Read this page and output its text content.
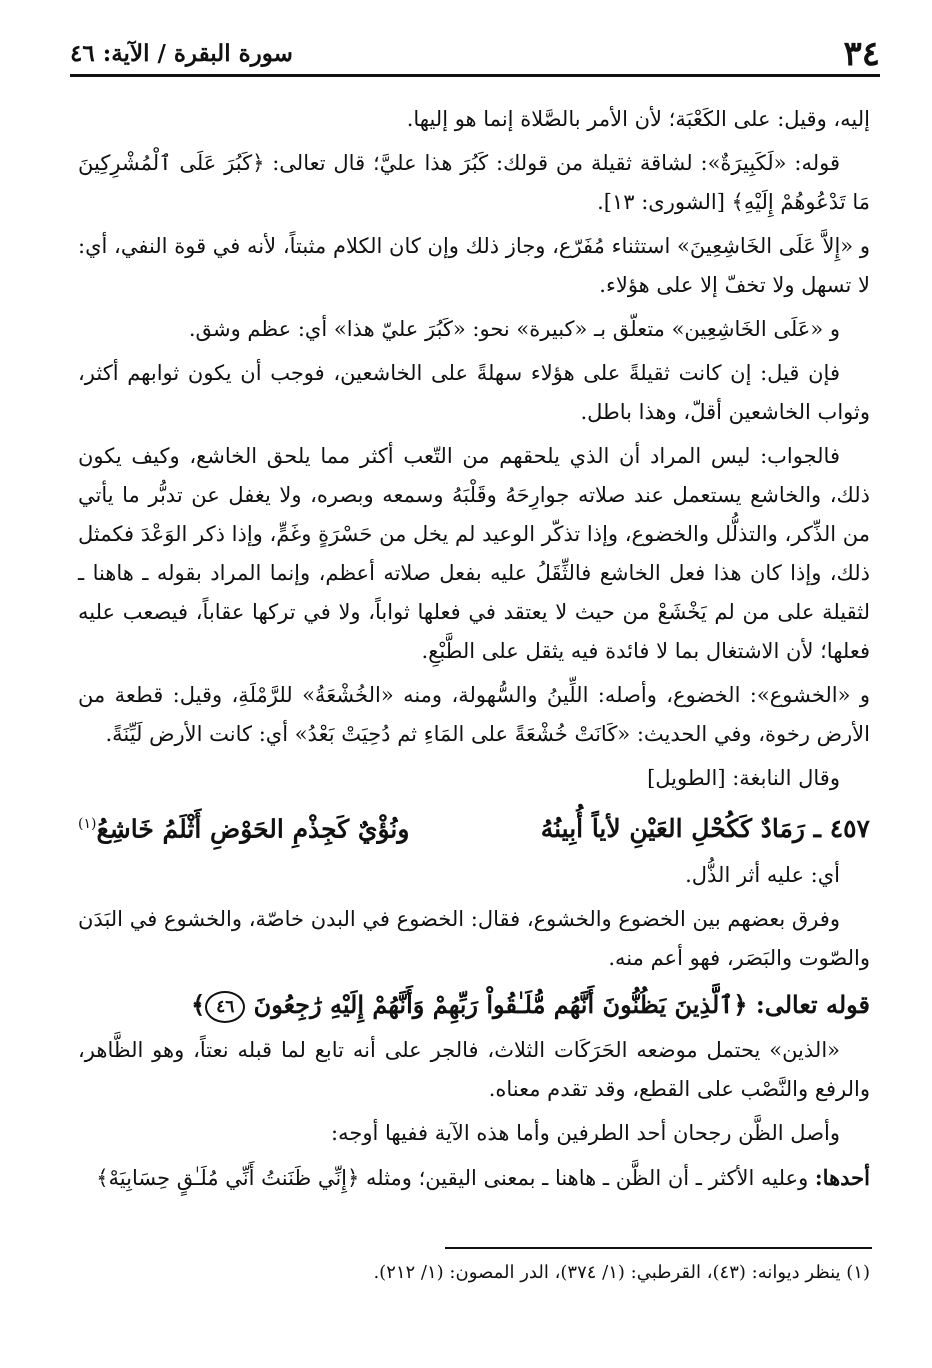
٣٤
سورة البقرة / الآية: ٤٦

إليه، وقيل: على الكَعْبَة؛ لأن الأمر بالصَّلاة إنما هو إليها.

قوله: «لَكَبِيرَةٌ»: لشاقة ثقيلة من قولك: كَبُرَ هذا عليَّ؛ قال تعالى: ﴿كَبُرَ عَلَى ٱلْمُشْرِكِينَ مَا تَدْعُوهُمْ إِلَيْهِ﴾ [الشورى: ١٣].

و «إِلاَّ عَلَى الخَاشِعِينَ» استثناء مُفَرّع، وجاز ذلك وإن كان الكلام مثبتاً، لأنه في قوة النفي، أي: لا تسهل ولا تخفّ إلا على هؤلاء.

و «عَلَى الخَاشِعِين» متعلّق بـ «كبيرة» نحو: «كَبُرَ عليّ هذا» أي: عظم وشق.

فإن قيل: إن كانت ثقيلةً على هؤلاء سهلةً على الخاشعين، فوجب أن يكون ثوابهم أكثر، وثواب الخاشعين أقلّ، وهذا باطل.

فالجواب: ليس المراد أن الذي يلحقهم من التّعب أكثر مما يلحق الخاشع، وكيف يكون ذلك، والخاشع يستعمل عند صلاته جوارِحَهُ وقَلْبَهُ وسمعه وبصره، ولا يغفل عن تدبُّر ما يأتي من الذِّكر، والتذلُّل والخضوع، وإذا تذكّر الوعيد لم يخل من حَسْرَةٍ وغَمٍّ، وإذا ذكر الوَعْدَ فكمثل ذلك، وإذا كان هذا فعل الخاشع فالثِّقَلُ عليه بفعل صلاته أعظم، وإنما المراد بقوله ـ هاهنا ـ لثقيلة على من لم يَخْشَعْ من حيث لا يعتقد في فعلها ثواباً، ولا في تركها عقاباً، فيصعب عليه فعلها؛ لأن الاشتغال بما لا فائدة فيه يثقل على الطَّبْعِ.

و «الخشوع»: الخضوع، وأصله: اللِّينُ والسُّهولة، ومنه «الخُشْعَةُ» للرَّمْلَةِ، وقيل: قطعة من الأرض رخوة، وفي الحديث: «كَانَتْ خُشْعَةً على المَاءِ ثم دُحِيَتْ بَعْدُ» أي: كانت الأرض لَيِّنَةً.

وقال النابغة: [الطويل]

٤٥٧ ـ رَمَادٌ كَكُحْلِ العَيْنِ لأياً أُبِينُهُ
ونُؤْيٌ كَجِذْمِ الحَوْضِ أَثْلَمُ خَاشِعُ$^{(١)}$

أي: عليه أثر الذُّل.

وفرق بعضهم بين الخضوع والخشوع، فقال: الخضوع في البدن خاصّة، والخشوع في البَدَن والصّوت والبَصَر، فهو أعم منه.

قوله تعالى: ﴿ٱلَّذِينَ يَظُنُّونَ أَنَّهُم مُّلَـٰقُواْ رَبِّهِمْ وَأَنَّهُمْ إِلَيْهِ رَٰجِعُونَ ٤٦﴾

«الذين» يحتمل موضعه الحَرَكَات الثلاث، فالجر على أنه تابع لما قبله نعتاً، وهو الظَّاهر، والرفع والنَّصْب على القطع، وقد تقدم معناه.

وأصل الظَّن رجحان أحد الطرفين وأما هذه الآية ففيها أوجه:

أحدها: وعليه الأكثر ـ أن الظَّن ـ هاهنا ـ بمعنى اليقين؛ ومثله ﴿إِنِّي ظَنَنتُ أَنِّي مُلَـٰقٍ حِسَابِيَهْ﴾

(١) ينظر ديوانه: (٤٣)، القرطبي: (١/ ٣٧٤)، الدر المصون: (١/ ٢١٢).
